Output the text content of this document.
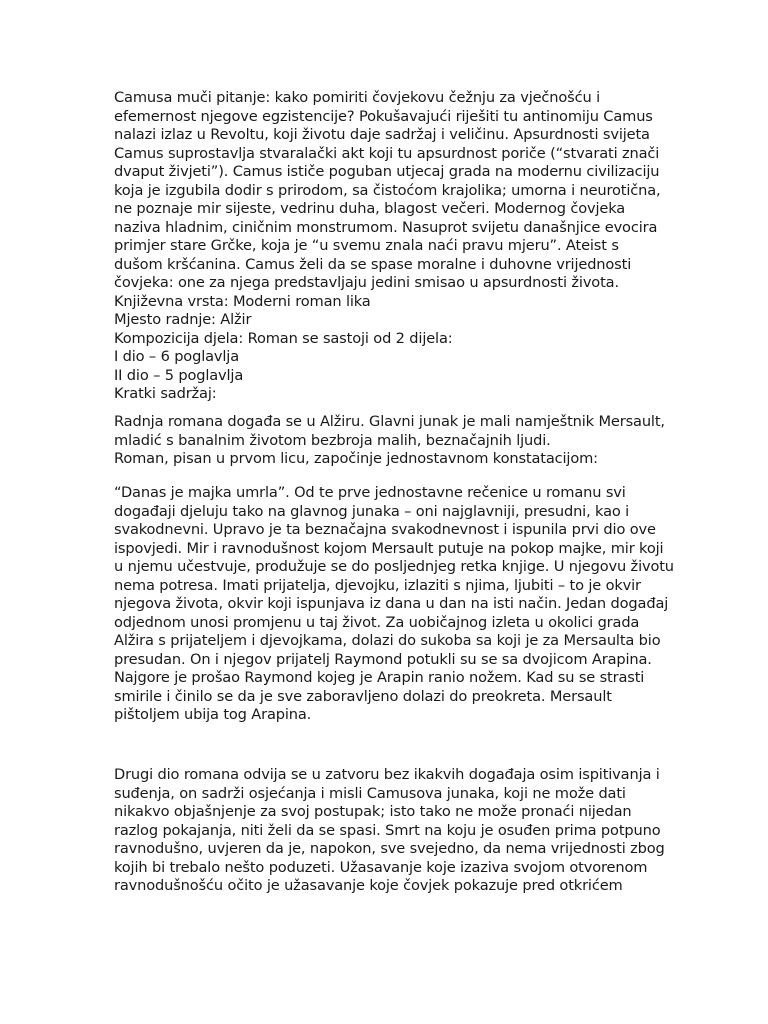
Camusa muči pitanje: kako pomiriti čovjekovu čežnju za vječnošću i
efemernost njegove egzistencije? Pokušavajući riješiti tu antinomiju Camus
nalazi izlaz u Revoltu, koji životu daje sadržaj i veličinu. Apsurdnosti svijeta
Camus suprostavlja stvaralački akt koji tu apsurdnost poriče (“stvarati znači
dvaput živjeti”). Camus ističe poguban utjecaj grada na modernu civilizaciju
koja je izgubila dodir s prirodom, sa čistoćom krajolika; umorna i neurotična,
ne poznaje mir sijeste, vedrinu duha, blagost večeri. Modernog čovjeka
naziva hladnim, ciničnim monstrumom. Nasuprot svijetu današnjice evocira
primjer stare Grčke, koja je “u svemu znala naći pravu mjeru”. Ateist s
dušom kršćanina. Camus želi da se spase moralne i duhovne vrijednosti
čovjeka: one za njega predstavljaju jedini smisao u apsurdnosti života.
Književna vrsta: Moderni roman lika
Mjesto radnje: Alžir
Kompozicija djela: Roman se sastoji od 2 dijela:
I dio – 6 poglavlja
II dio – 5 poglavlja
Kratki sadržaj:
Radnja romana događa se u Alžiru. Glavni junak je mali namještnik Mersault,
mladić s banalnim životom bezbroja malih, beznačajnih ljudi.
Roman, pisan u prvom licu, započinje jednostavnom konstatacijom:
“Danas je majka umrla”. Od te prve jednostavne rečenice u romanu svi
događaji djeluju tako na glavnog junaka – oni najglavniji, presudni, kao i
svakodnevni. Upravo je ta beznačajna svakodnevnost i ispunila prvi dio ove
ispovjedi. Mir i ravnodušnost kojom Mersault putuje na pokop majke, mir koji
u njemu učestvuje, produžuje se do posljednjeg retka knjige. U njegovu životu
nema potresa. Imati prijatelja, djevojku, izlaziti s njima, ljubiti – to je okvir
njegova života, okvir koji ispunjava iz dana u dan na isti način. Jedan događaj
odjednom unosi promjenu u taj život. Za uobičajnog izleta u okolici grada
Alžira s prijateljem i djevojkama, dolazi do sukoba sa koji je za Mersaulta bio
presudan. On i njegov prijatelj Raymond potukli su se sa dvojicom Arapina.
Najgore je prošao Raymond kojeg je Arapin ranio nožem. Kad su se strasti
smirile i činilo se da je sve zaboravljeno dolazi do preokreta. Mersault
pištoljem ubija tog Arapina.
Drugi dio romana odvija se u zatvoru bez ikakvih događaja osim ispitivanja i
suđenja, on sadrži osjećanja i misli Camusova junaka, koji ne može dati
nikakvo objašnjenje za svoj postupak; isto tako ne može pronaći nijedan
razlog pokajanja, niti želi da se spasi. Smrt na koju je osuđen prima potpuno
ravnodušno, uvjeren da je, napokon, sve svejedno, da nema vrijednosti zbog
kojih bi trebalo nešto poduzeti. Užasavanje koje izaziva svojom otvorenom
ravnodušnošću očito je užasavanje koje čovjek pokazuje pred otkrićem
